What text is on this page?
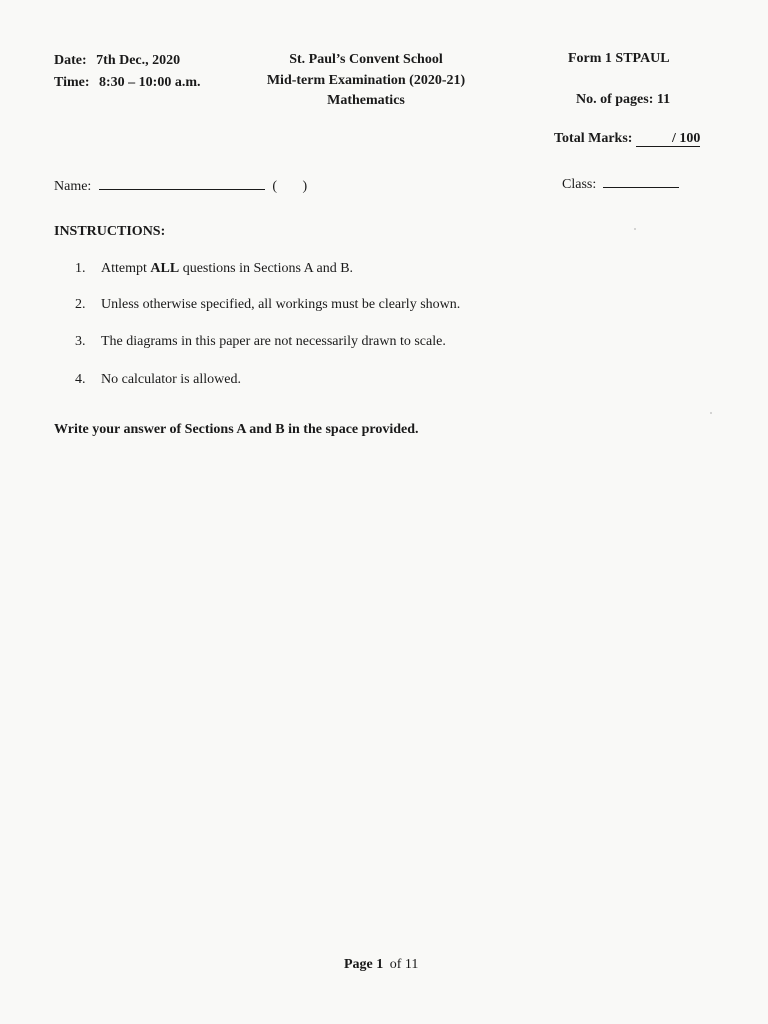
Date: 7th Dec., 2020
Time: 8:30 – 10:00 a.m.
St. Paul’s Convent School
Mid-term Examination (2020-21)
Mathematics
Form 1 STPAUL
No. of pages: 11
Total Marks:	/ 100
Name:	( )	Class:
INSTRUCTIONS:
1. Attempt ALL questions in Sections A and B.
2. Unless otherwise specified, all workings must be clearly shown.
3. The diagrams in this paper are not necessarily drawn to scale.
4. No calculator is allowed.
Write your answer of Sections A and B in the space provided.
Page 1 of 11
